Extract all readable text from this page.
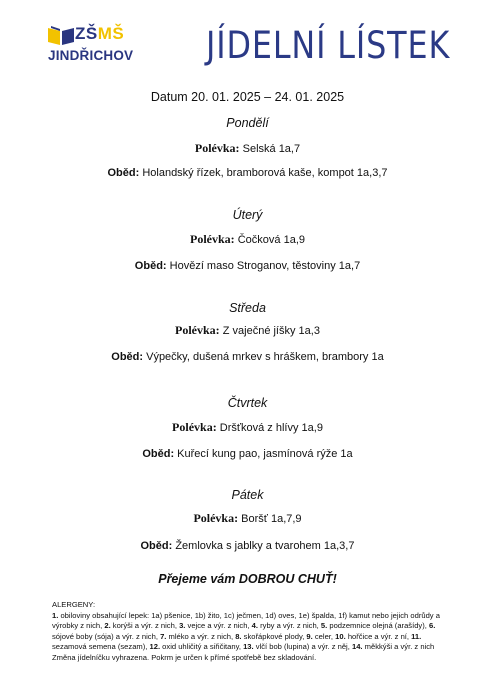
ZŠMŠ
JINDŘICHOV JÍDELNÍ LÍSTEK
Datum 20. 01. 2025 – 24. 01. 2025
Pondělí
Polévka: Selská 1a,7
Oběd: Holandský řízek, bramborová kaše, kompot 1a,3,7
Úterý
Polévka: Čočková 1a,9
Oběd: Hovězí maso Stroganov, těstoviny 1a,7
Středa
Polévka: Z vaječné jíšky 1a,3
Oběd: Výpečky, dušená mrkev s hráškem, brambory 1a
Čtvrtek
Polévka: Dršťková z hlívy 1a,9
Oběd: Kuřecí kung pao, jasmínová rýže 1a
Pátek
Polévka: Boršť 1a,7,9
Oběd: Žemlovka s jablky a tvarohem 1a,3,7
Přejeme vám DOBROU CHUŤ!

ALERGENY:

1. obiloviny obsahující lepek: 1a) pšenice, 1b) žito, 1c) ječmen, 1d) oves, 1e) špalda, 1f) kamut nebo jejich odrůdy a výrobky z nich, 2. korýši a výr. z nich, 3. vejce a výr. z nich, 4. ryby a výr. z nich, 5. podzemnice olejná (arašídy), 6. sójové boby (sója) a výr. z nich, 7. mléko a výr. z nich, 8. skořápkové plody, 9. celer, 10. hořčice a výr. z ní, 11. sezamová semena (sezam), 12. oxid uhličitý a siřičitany, 13. vlčí bob (lupina) a výr. z něj, 14. měkkýši a výr. z nich

Změna jídelníčku vyhrazena. Pokrm je určen k přímé spotřebě bez skladování.
